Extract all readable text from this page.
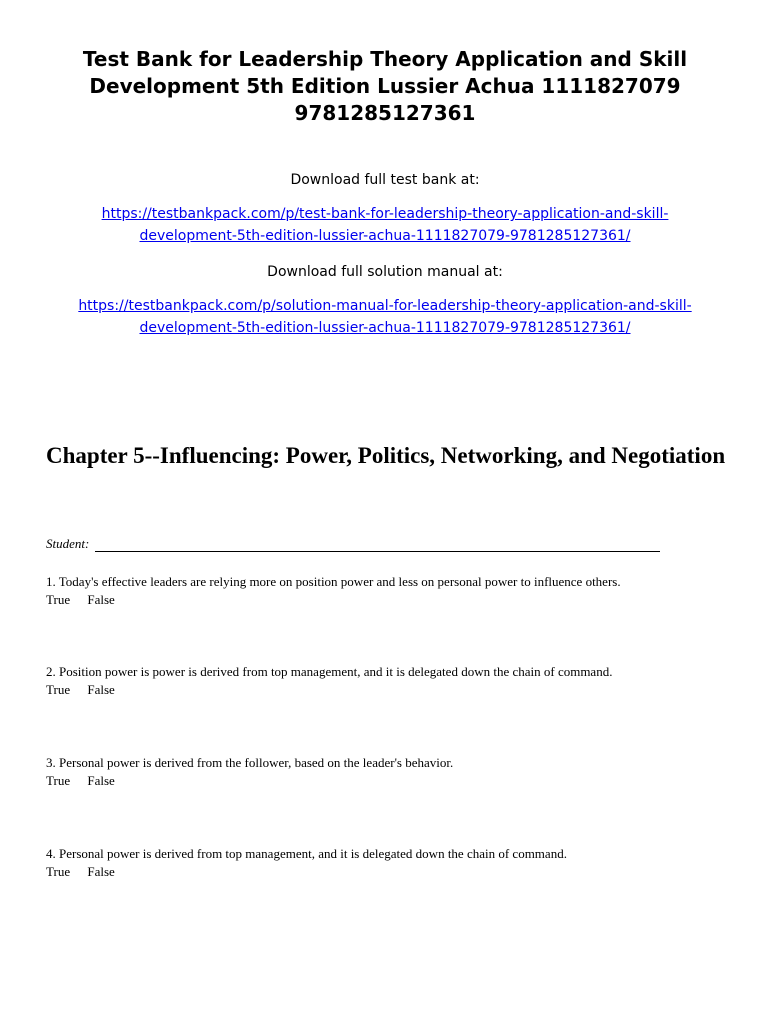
Test Bank for Leadership Theory Application and Skill
Development 5th Edition Lussier Achua 1111827079
9781285127361
Download full test bank at:
https://testbankpack.com/p/test-bank-for-leadership-theory-application-and-skill-
development-5th-edition-lussier-achua-1111827079-9781285127361/
Download full solution manual at:
https://testbankpack.com/p/solution-manual-for-leadership-theory-application-and-skill-
development-5th-edition-lussier-achua-1111827079-9781285127361/
Chapter 5--Influencing: Power, Politics, Networking, and Negotiation
Student:
1. Today's effective leaders are relying more on position power and less on personal power to influence others.
True False
2. Position power is power is derived from top management, and it is delegated down the chain of command.
True False
3. Personal power is derived from the follower, based on the leader's behavior.
True False
4. Personal power is derived from top management, and it is delegated down the chain of command.
True False
